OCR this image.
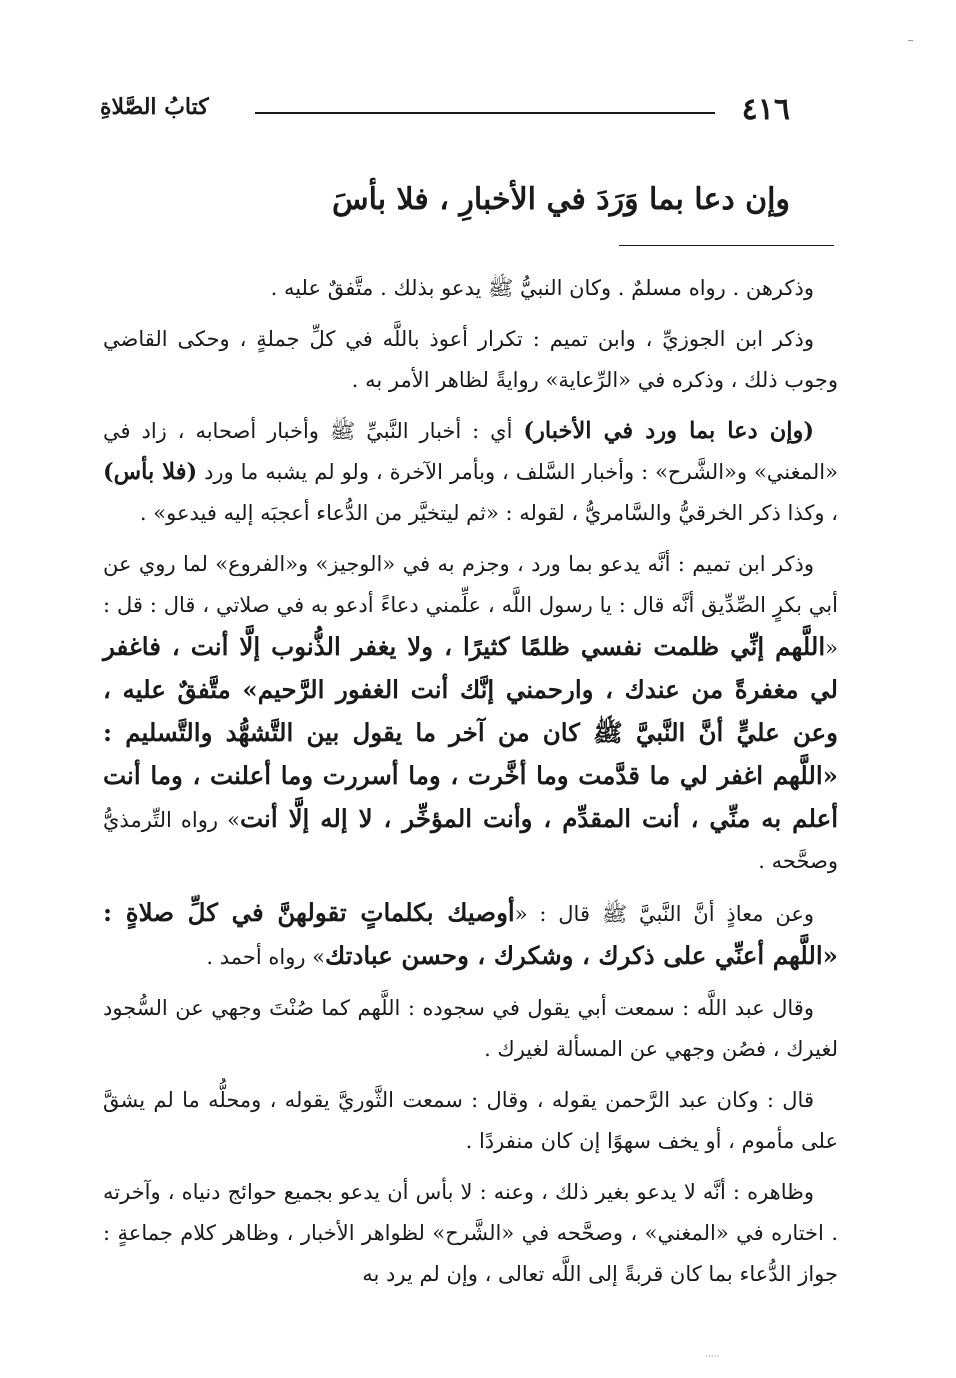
٤١٦
كتابُ الصَّلاةِ
وإن دعا بما وَرَدَ في الأخبارِ ، فلا بأسَ

وذكرهن . رواه مسلمٌ . وكان النبيُّ ﷺ يدعو بذلك . متَّفقٌ عليه .

وذكر ابن الجوزيِّ ، وابن تميم : تكرار أعوذ باللَّه في كلِّ جملةٍ ، وحكى القاضي وجوب ذلك ، وذكره في «الرِّعاية» روايةً لظاهر الأمر به .

(وإن دعا بما ورد في الأخبار) أي : أخبار النَّبيِّ ﷺ وأخبار أصحابه ، زاد في «المغني» و«الشَّرح» : وأخبار السَّلف ، وبأمر الآخرة ، ولو لم يشبه ما ورد (فلا بأس) ، وكذا ذكر الخرقيُّ والسَّامريُّ ، لقوله : «ثم ليتخيَّر من الدُّعاء أعجبَه إليه فيدعو» .

وذكر ابن تميم : أنَّه يدعو بما ورد ، وجزم به في «الوجيز» و«الفروع» لما روي عن أبي بكرٍ الصِّدِّيق أنَّه قال : يا رسول اللَّه ، علِّمني دعاءً أدعو به في صلاتي ، قال : قل : «اللَّهم إنِّي ظلمت نفسي ظلمًا كثيرًا ، ولا يغفر الذُّنوب إلَّا أنت ، فاغفر لي مغفرةً من عندك ، وارحمني إنَّك أنت الغفور الرَّحيم» متَّفقٌ عليه ، وعن عليٍّ أنَّ النَّبيَّ ﷺ كان من آخر ما يقول بين التَّشهُّد والتَّسليم : «اللَّهم اغفر لي ما قدَّمت وما أخَّرت ، وما أسررت وما أعلنت ، وما أنت أعلم به منِّي ، أنت المقدِّم ، وأنت المؤخِّر ، لا إله إلَّا أنت» رواه التِّرمذيُّ وصحَّحه .

وعن معاذٍ أنَّ النَّبيَّ ﷺ قال : «أوصيك بكلماتٍ تقولهنَّ في كلِّ صلاةٍ : «اللَّهم أعنِّي على ذكرك ، وشكرك ، وحسن عبادتك» رواه أحمد .

وقال عبد اللَّه : سمعت أبي يقول في سجوده : اللَّهم كما صُنْتَ وجهي عن السُّجود لغيرك ، فصُن وجهي عن المسألة لغيرك .

قال : وكان عبد الرَّحمن يقوله ، وقال : سمعت الثَّوريَّ يقوله ، ومحلُّه ما لم يشقَّ على مأموم ، أو يخف سهوًا إن كان منفردًا .

وظاهره : أنَّه لا يدعو بغير ذلك ، وعنه : لا بأس أن يدعو بجميع حوائج دنياه ، وآخرته . اختاره في «المغني» ، وصحَّحه في «الشَّرح» لظواهر الأخبار ، وظاهر كلام جماعةٍ : جواز الدُّعاء بما كان قربةً إلى اللَّه تعالى ، وإن لم يرد به

·····
